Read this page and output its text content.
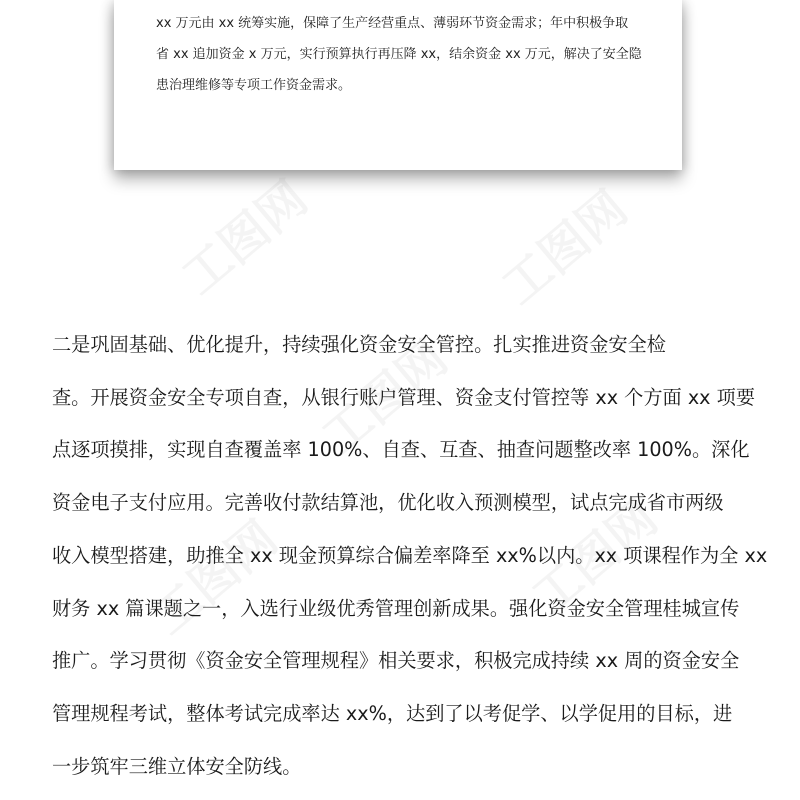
xx 万元由 xx 统筹实施，保障了生产经营重点、薄弱环节资金需求；年中积极争取
省 xx 追加资金 x 万元，实行预算执行再压降 xx，结余资金 xx 万元，解决了安全隐
患治理维修等专项工作资金需求。

二是巩固基础、优化提升，持续强化资金安全管控。扎实推进资金安全检
查。开展资金安全专项自查，从银行账户管理、资金支付管控等 xx 个方面 xx 项要
点逐项摸排，实现自查覆盖率 100%、自查、互查、抽查问题整改率 100%。深化
资金电子支付应用。完善收付款结算池，优化收入预测模型，试点完成省市两级
收入模型搭建，助推全 xx 现金预算综合偏差率降至 xx%以内。xx 项课程作为全 xx
财务 xx 篇课题之一，入选行业级优秀管理创新成果。强化资金安全管理桂城宣传
推广。学习贯彻《资金安全管理规程》相关要求，积极完成持续 xx 周的资金安全
管理规程考试，整体考试完成率达 xx%，达到了以考促学、以学促用的目标，进
一步筑牢三维立体安全防线。
